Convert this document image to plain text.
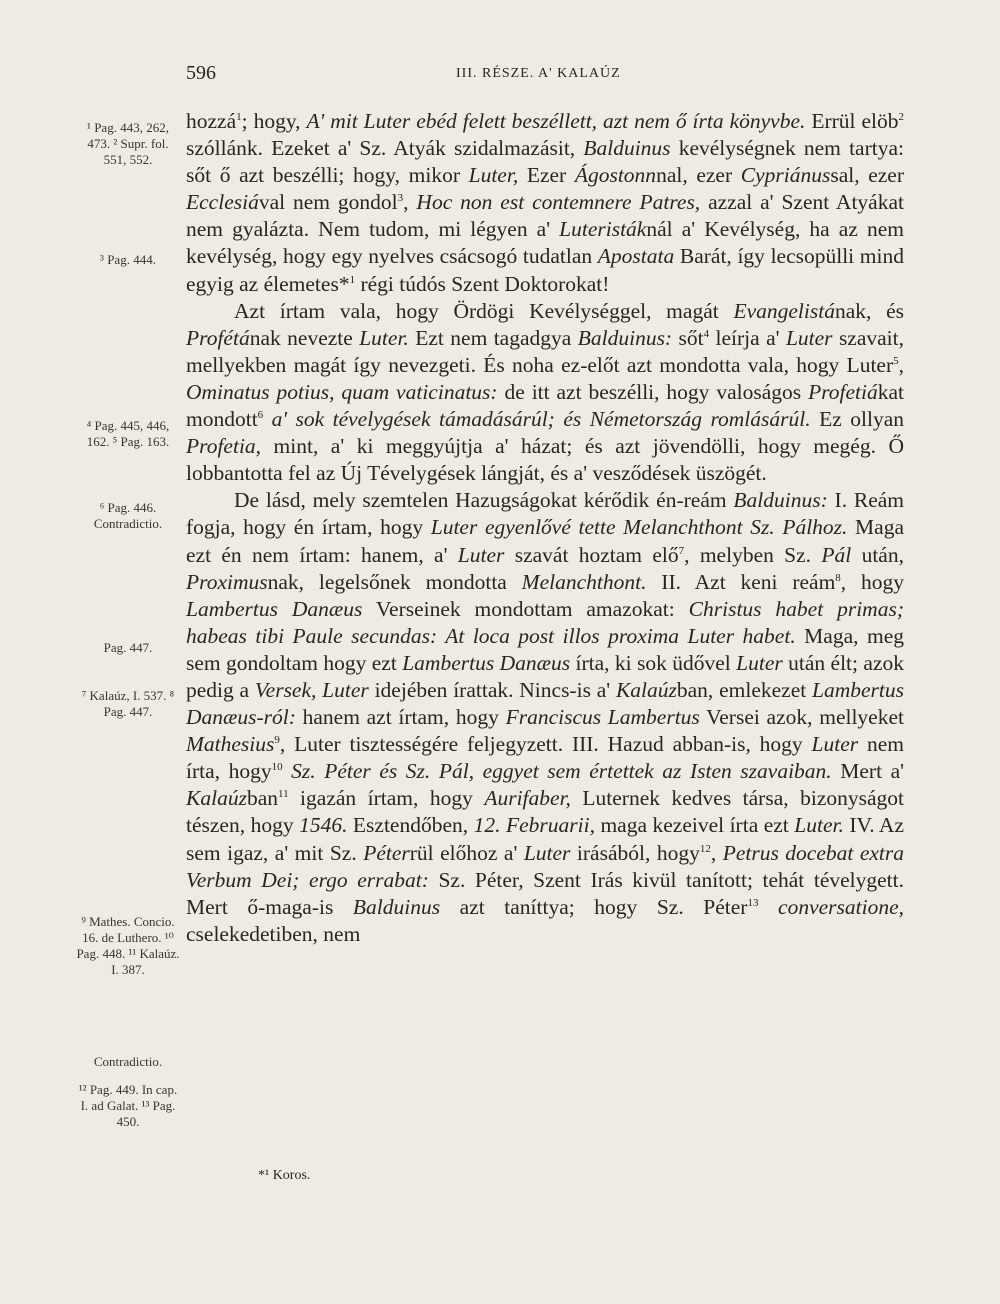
596	III. RÉSZE. A' KALAÚZ
¹ Pag. 443, 262, 473. ² Supr. fol. 551, 552.
³ Pag. 444.
⁴ Pag. 445, 446, 162. ⁵ Pag. 163.
⁶ Pag. 446. Contradictio.
Pag. 447.
⁷ Kalaúz, I. 537. ⁸ Pag. 447.
⁹ Mathes. Concio. 16. de Luthero. ¹⁰ Pag. 448. ¹¹ Kalaúz. I. 387.
Contradictio.
¹² Pag. 449. In cap. I. ad Galat. ¹³ Pag. 450.

hozzá$^1$; hogy, A' mit Luter ebéd felett beszéllett, azt nem ő írta könyvbe. Errül elöb$^2$ szóllánk. Ezeket a' Sz. Atyák szidalmazásit, Balduinus kevélységnek nem tartya: sőt ő azt beszélli; hogy, mikor Luter, Ezer Ágostonnnal, ezer Cypriánussal, ezer Ecclesiával nem gondol$^3$, Hoc non est contemnere Patres, azzal a' Szent Atyákat nem gyalázta. Nem tudom, mi légyen a' Luteristáknál a' Kevélység, ha az nem kevélység, hogy egy nyelves csácsogó tudatlan Apostata Barát, így lecsopülli mind egyig az élemetes*$^1$ régi túdós Szent Doktorokat!

Azt írtam vala, hogy Ördögi Kevélységgel, magát Evangelistának, és Profétának nevezte Luter. Ezt nem tagadgya Balduinus: sőt$^4$ leírja a' Luter szavait, mellyekben magát így nevezgeti. És noha ez-előt azt mondotta vala, hogy Luter$^5$, Ominatus potius, quam vaticinatus: de itt azt beszélli, hogy valoságos Profetiákat mondott$^6$ a' sok tévelygések támadásárúl; és Németország romlásárúl. Ez ollyan Profetia, mint, a' ki meggyújtja a' házat; és azt jövendölli, hogy megég. Ő lobbantotta fel az Új Tévelygések lángját, és a' vesződések üszögét.

De lásd, mely szemtelen Hazugságokat kérődik én-reám Balduinus: I. Reám fogja, hogy én írtam, hogy Luter egyenlővé tette Melanchthont Sz. Pálhoz. Maga ezt én nem írtam: hanem, a' Luter szavát hoztam elő$^7$, melyben Sz. Pál után, Proximusnak, legelsőnek mondotta Melanchthont. II. Azt keni reám$^8$, hogy Lambertus Danæus Verseinek mondottam amazokat: Christus habet primas; habeas tibi Paule secundas: At loca post illos proxima Luter habet. Maga, meg sem gondoltam hogy ezt Lambertus Danæus írta, ki sok üdővel Luter után élt; azok pedig a Versek, Luter idejében írattak. Nincs-is a' Kalaúzban, emlekezet Lambertus Danæus-ról: hanem azt írtam, hogy Franciscus Lambertus Versei azok, mellyeket Mathesius$^9$, Luter tisztességére feljegyzett. III. Hazud abban-is, hogy Luter nem írta, hogy$^{10}$ Sz. Péter és Sz. Pál, eggyet sem értettek az Isten szavaiban. Mert a' Kalaúzban$^{11}$ igazán írtam, hogy Aurifaber, Luternek kedves társa, bizonyságot tészen, hogy 1546. Esztendőben, 12. Februarii, maga kezeivel írta ezt Luter. IV. Az sem igaz, a' mit Sz. Péterrül előhoz a' Luter irásából, hogy$^{12}$, Petrus docebat extra Verbum Dei; ergo errabat: Sz. Péter, Szent Irás kivül tanított; tehát tévelygett. Mert ő-maga-is Balduinus azt taníttya; hogy Sz. Péter$^{13}$ conversatione, cselekedetiben, nem

*¹ Koros.
